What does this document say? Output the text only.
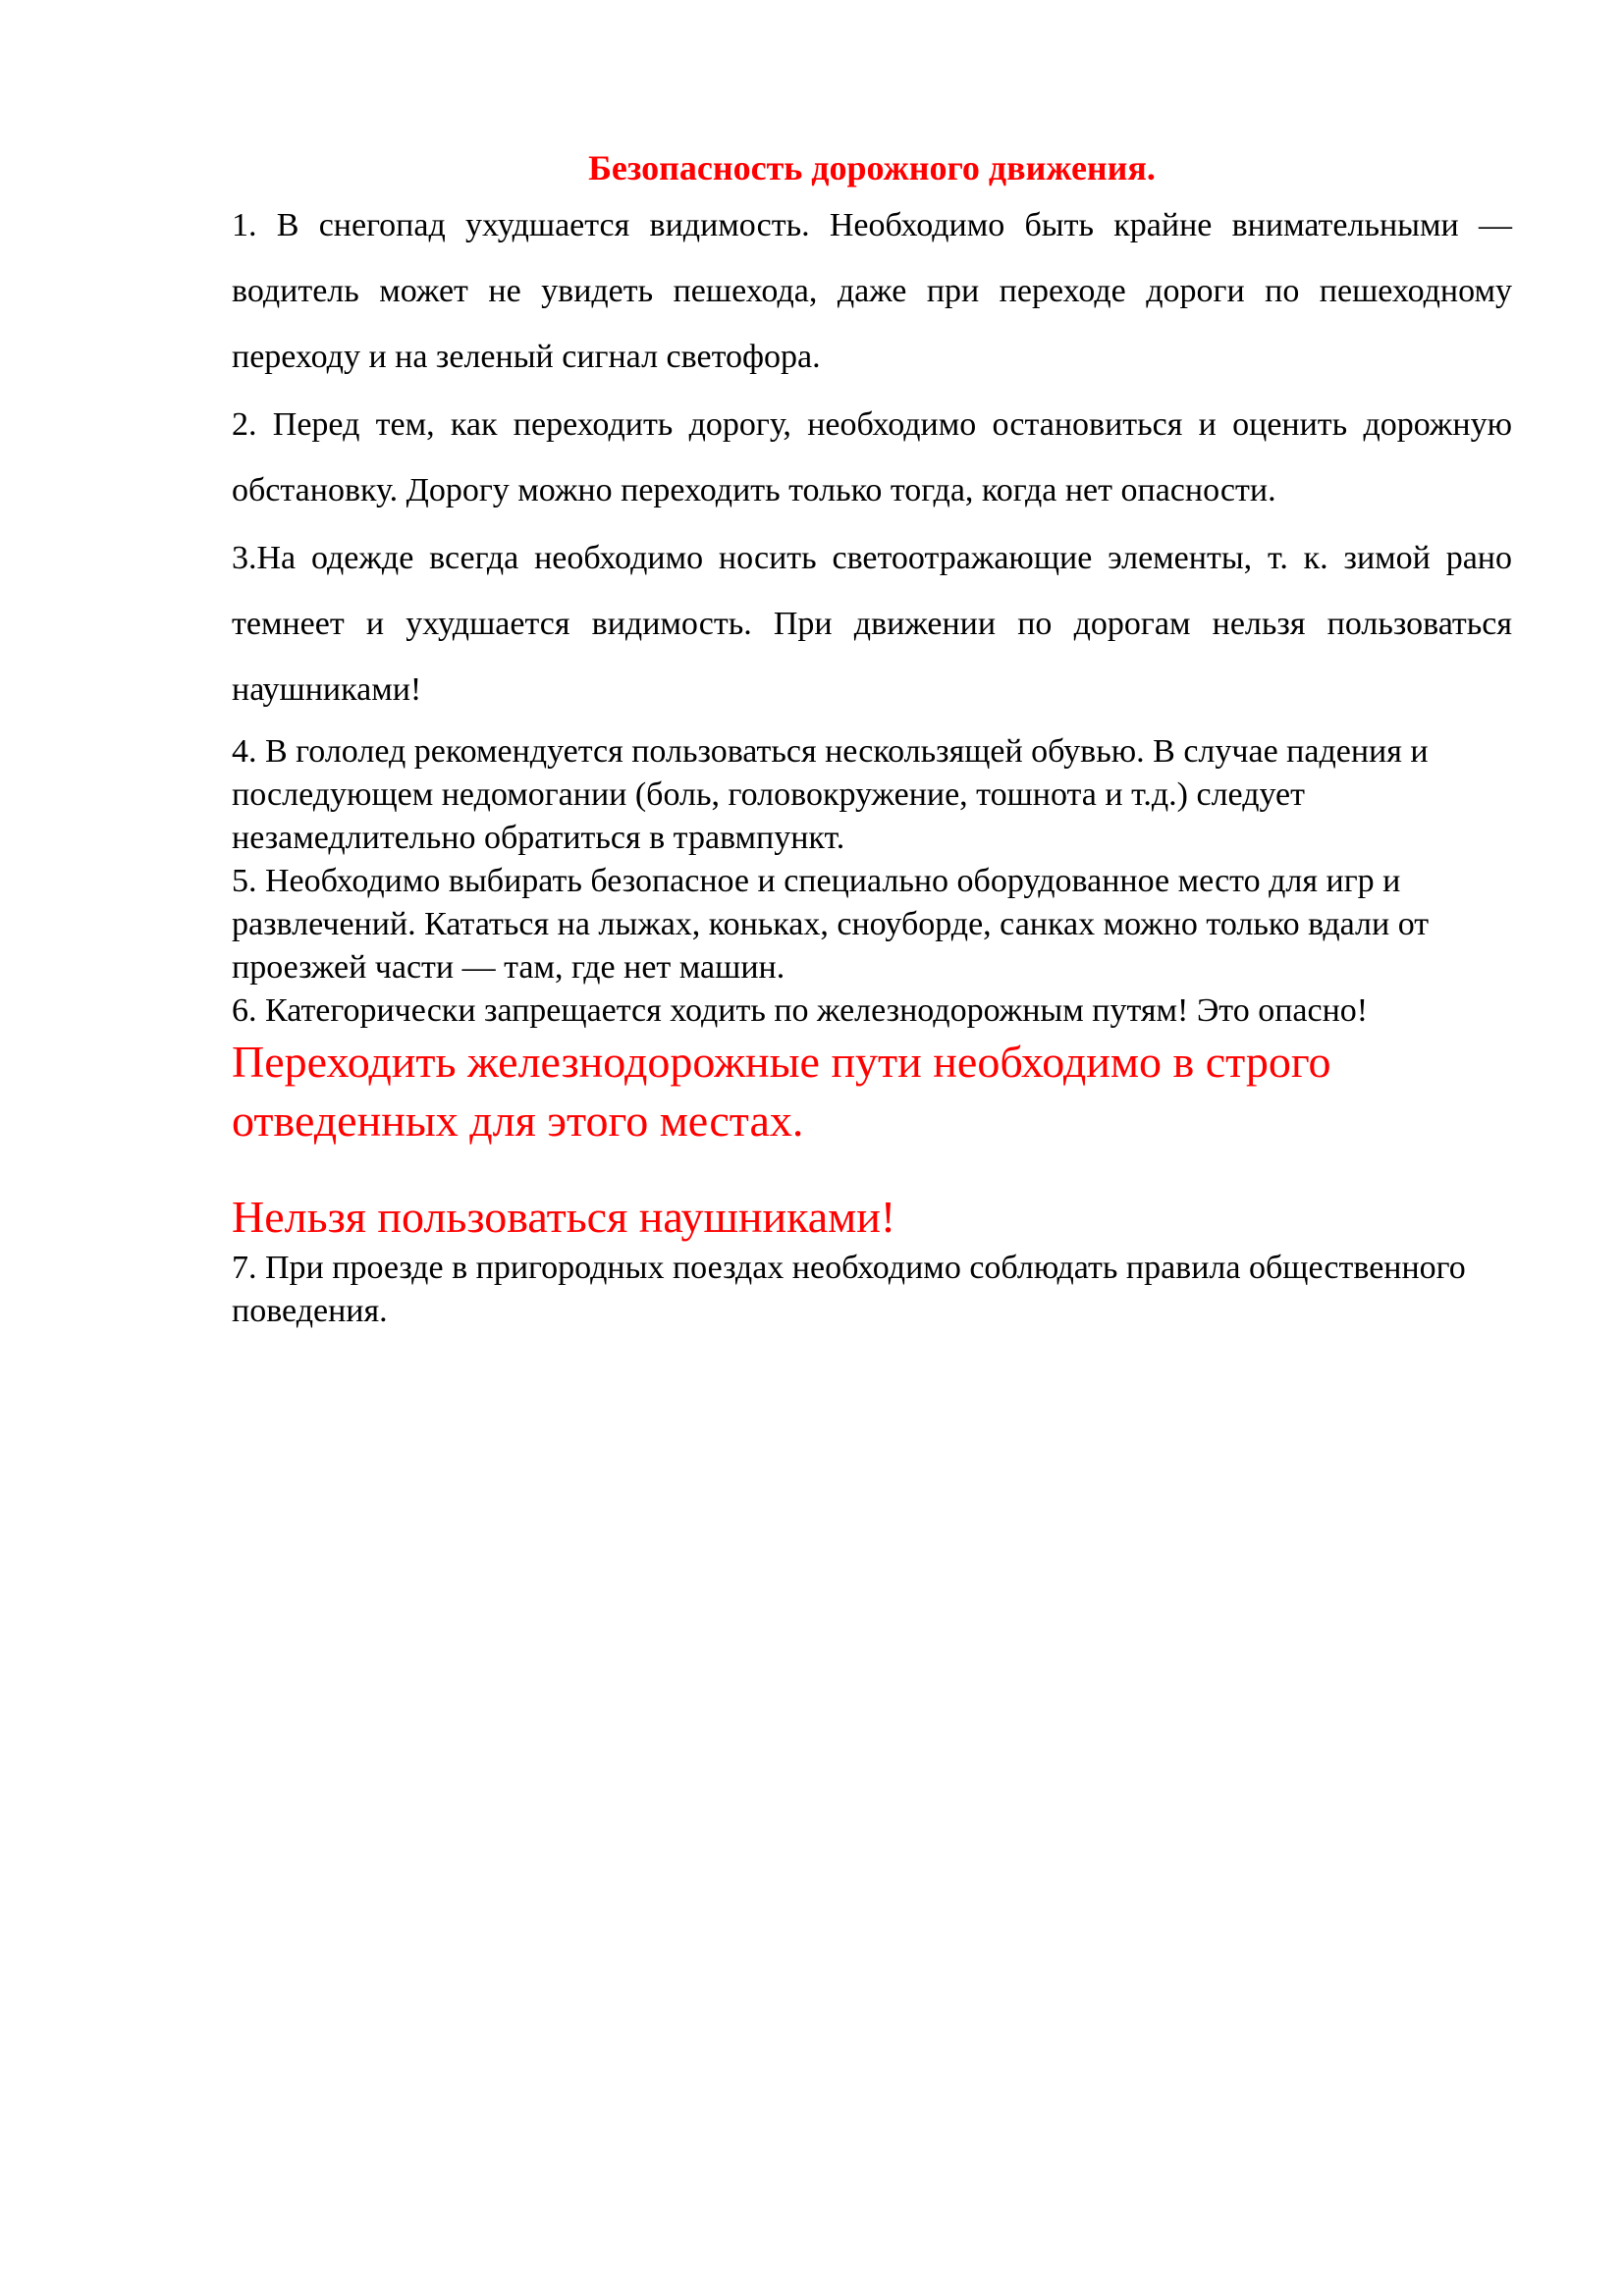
Безопасность дорожного движения.

1. В снегопад ухудшается видимость. Необходимо быть крайне внимательными — водитель может не увидеть пешехода, даже при переходе дороги по пешеходному переходу и на зеленый сигнал светофора.

2. Перед тем, как переходить дорогу, необходимо остановиться и оценить дорожную обстановку. Дорогу можно переходить только тогда, когда нет опасности.

3.На одежде всегда необходимо носить светоотражающие элементы, т. к. зимой рано темнеет и ухудшается видимость. При движении по дорогам нельзя пользоваться наушниками!

4. В гололед рекомендуется пользоваться нескользящей обувью. В случае падения и последующем недомогании (боль, головокружение, тошнота и т.д.) следует незамедлительно обратиться в травмпункт.

5. Необходимо выбирать безопасное и специально оборудованное место для игр и развлечений. Кататься на лыжах, коньках, сноуборде, санках можно только вдали от проезжей части — там, где нет машин.

6. Категорически запрещается ходить по железнодорожным путям! Это опасно!

Переходить железнодорожные пути необходимо в строго отведенных для этого местах.

Нельзя пользоваться наушниками!

7. При проезде в пригородных поездах необходимо соблюдать правила общественного поведения.
